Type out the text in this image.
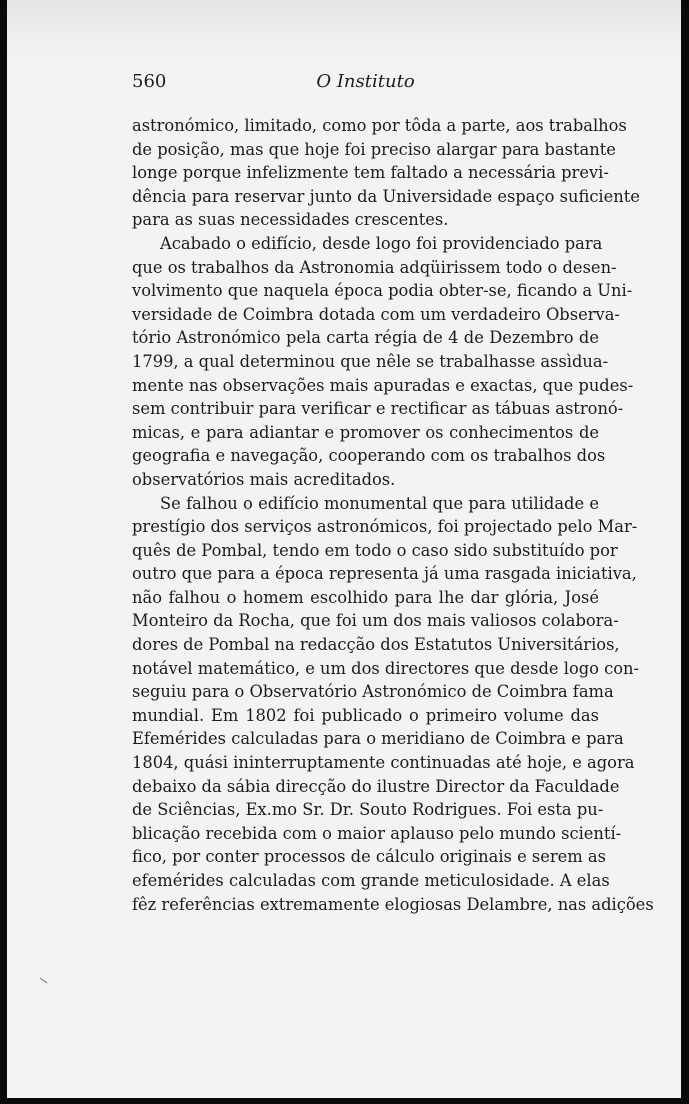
560	O Instituto
astronómico, limitado, como por tôda a parte, aos trabalhos
de posição, mas que hoje foi preciso alargar para bastante
longe porque infelizmente tem faltado a necessária previ-
dência para reservar junto da Universidade espaço suficiente
para as suas necessidades crescentes.
Acabado o edifício, desde logo foi providenciado para
que os trabalhos da Astronomia adqüirissem todo o desen-
volvimento que naquela época podia obter-se, ficando a Uni-
versidade de Coimbra dotada com um verdadeiro Observa-
tório Astronómico pela carta régia de 4 de Dezembro de
1799, a qual determinou que nêle se trabalhasse assìdua-
mente nas observações mais apuradas e exactas, que pudes-
sem contribuir para verificar e rectificar as tábuas astronó-
micas, e para adiantar e promover os conhecimentos de
geografia e navegação, cooperando com os trabalhos dos
observatórios mais acreditados.
Se falhou o edifício monumental que para utilidade e
prestígio dos serviços astronómicos, foi projectado pelo Mar-
quês de Pombal, tendo em todo o caso sido substituído por
outro que para a época representa já uma rasgada iniciativa,
não falhou o homem escolhido para lhe dar glória, José
Monteiro da Rocha, que foi um dos mais valiosos colabora-
dores de Pombal na redacção dos Estatutos Universitários,
notável matemático, e um dos directores que desde logo con-
seguiu para o Observatório Astronómico de Coimbra fama
mundial. Em 1802 foi publicado o primeiro volume das
Efemérides calculadas para o meridiano de Coimbra e para
1804, quási ininterruptamente continuadas até hoje, e agora
debaixo da sábia direcção do ilustre Director da Faculdade
de Sciências, Ex.mo Sr. Dr. Souto Rodrigues. Foi esta pu-
blicação recebida com o maior aplauso pelo mundo scientí-
fico, por conter processos de cálculo originais e serem as
efemérides calculadas com grande meticulosidade. A elas
fêz referências extremamente elogiosas Delambre, nas adições
